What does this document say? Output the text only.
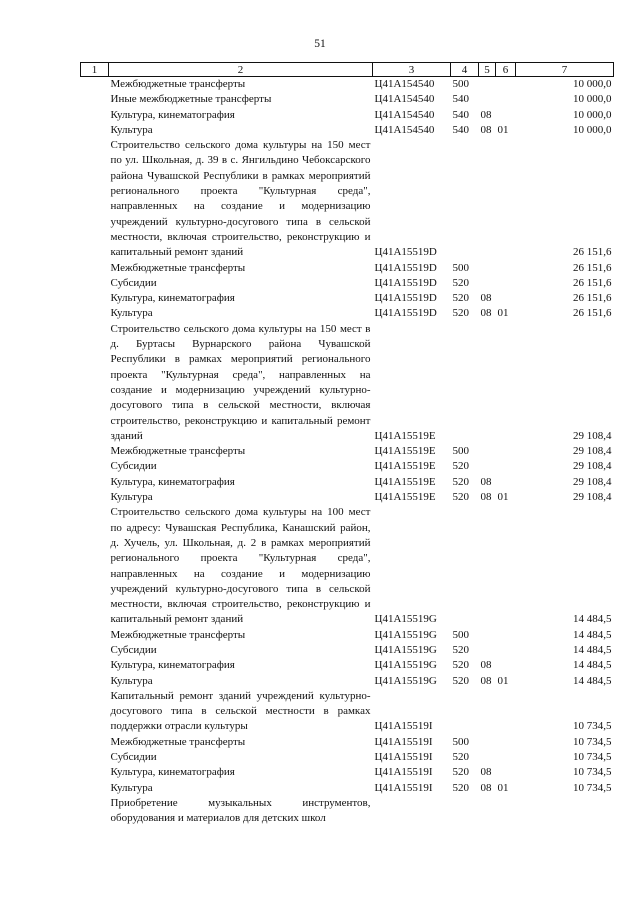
51
1	2	3	4	5	6	7
	Межбюджетные трансферты	Ц41А154540	500			10 000,0
	Иные межбюджетные трансферты	Ц41А154540	540			10 000,0
	Культура, кинематография	Ц41А154540	540	08		10 000,0
	Культура	Ц41А154540	540	08	01	10 000,0
	Строительство сельского дома культуры на 150 мест по ул. Школьная, д. 39 в с. Янгильдино Чебоксарского района Чувашской Республики в рамках мероприятий регионального проекта "Культурная среда", направленных на создание и модернизацию учреждений культурно-досугового типа в сельской местности, включая строительство, реконструкцию и капитальный ремонт зданий	Ц41А15519D				26 151,6
	Межбюджетные трансферты	Ц41А15519D	500			26 151,6
	Субсидии	Ц41А15519D	520			26 151,6
	Культура, кинематография	Ц41А15519D	520	08		26 151,6
	Культура	Ц41А15519D	520	08	01	26 151,6
	Строительство сельского дома культуры на 150 мест в д. Буртасы Вурнарского района Чувашской Республики в рамках мероприятий регионального проекта "Культурная среда", направленных на создание и модернизацию учреждений культурно-досугового типа в сельской местности, включая строительство, реконструкцию и капитальный ремонт зданий	Ц41А15519E				29 108,4
	Межбюджетные трансферты	Ц41А15519E	500			29 108,4
	Субсидии	Ц41А15519E	520			29 108,4
	Культура, кинематография	Ц41А15519E	520	08		29 108,4
	Культура	Ц41А15519E	520	08	01	29 108,4
	Строительство сельского дома культуры на 100 мест по адресу: Чувашская Республика, Канашский район, д. Хучель, ул. Школьная, д. 2 в рамках мероприятий регионального проекта "Культурная среда", направленных на создание и модернизацию учреждений культурно-досугового типа в сельской местности, включая строительство, реконструкцию и капитальный ремонт зданий	Ц41А15519G				14 484,5
	Межбюджетные трансферты	Ц41А15519G	500			14 484,5
	Субсидии	Ц41А15519G	520			14 484,5
	Культура, кинематография	Ц41А15519G	520	08		14 484,5
	Культура	Ц41А15519G	520	08	01	14 484,5
	Капитальный ремонт зданий учреждений культурно-досугового типа в сельской местности в рамках поддержки отрасли культуры	Ц41А15519I				10 734,5
	Межбюджетные трансферты	Ц41А15519I	500			10 734,5
	Субсидии	Ц41А15519I	520			10 734,5
	Культура, кинематография	Ц41А15519I	520	08		10 734,5
	Культура	Ц41А15519I	520	08	01	10 734,5
	Приобретение музыкальных инструментов, оборудования и материалов для детских школ					
